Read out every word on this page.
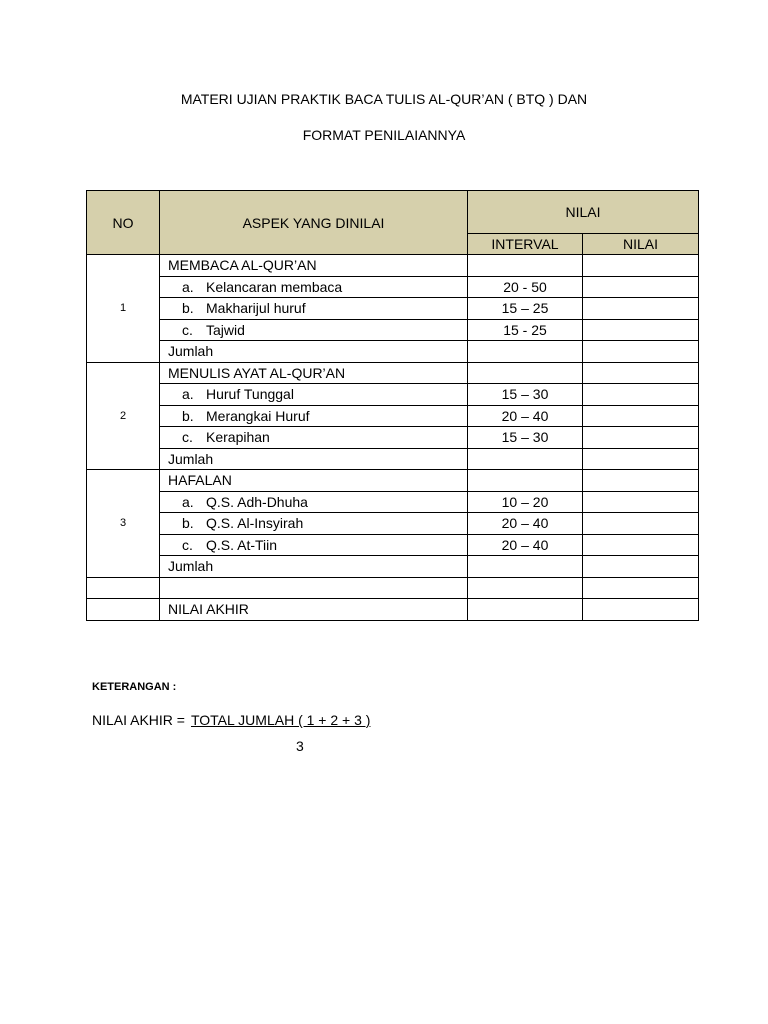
MATERI UJIAN PRAKTIK BACA TULIS AL-QUR’AN ( BTQ ) DAN
FORMAT PENILAIANNYA
NO	ASPEK YANG DINILAI	NILAI	
		INTERVAL	NILAI
1	MEMBACA AL-QUR’AN		
	a. Kelancaran membaca	20 - 50	
	b. Makharijul huruf	15 – 25	
	c. Tajwid	15 - 25	
	Jumlah		
2	MENULIS AYAT AL-QUR’AN		
	a. Huruf Tunggal	15 – 30	
	b. Merangkai Huruf	20 – 40	
	c. Kerapihan	15 – 30	
	Jumlah		
3	HAFALAN		
	a. Q.S. Adh-Dhuha	10 – 20	
	b. Q.S. Al-Insyirah	20 – 40	
	c. Q.S. At-Tiin	20 – 40	
	Jumlah		

	NILAI AKHIR		
KETERANGAN :
NILAI AKHIR = TOTAL JUMLAH ( 1 + 2 + 3 )
3
